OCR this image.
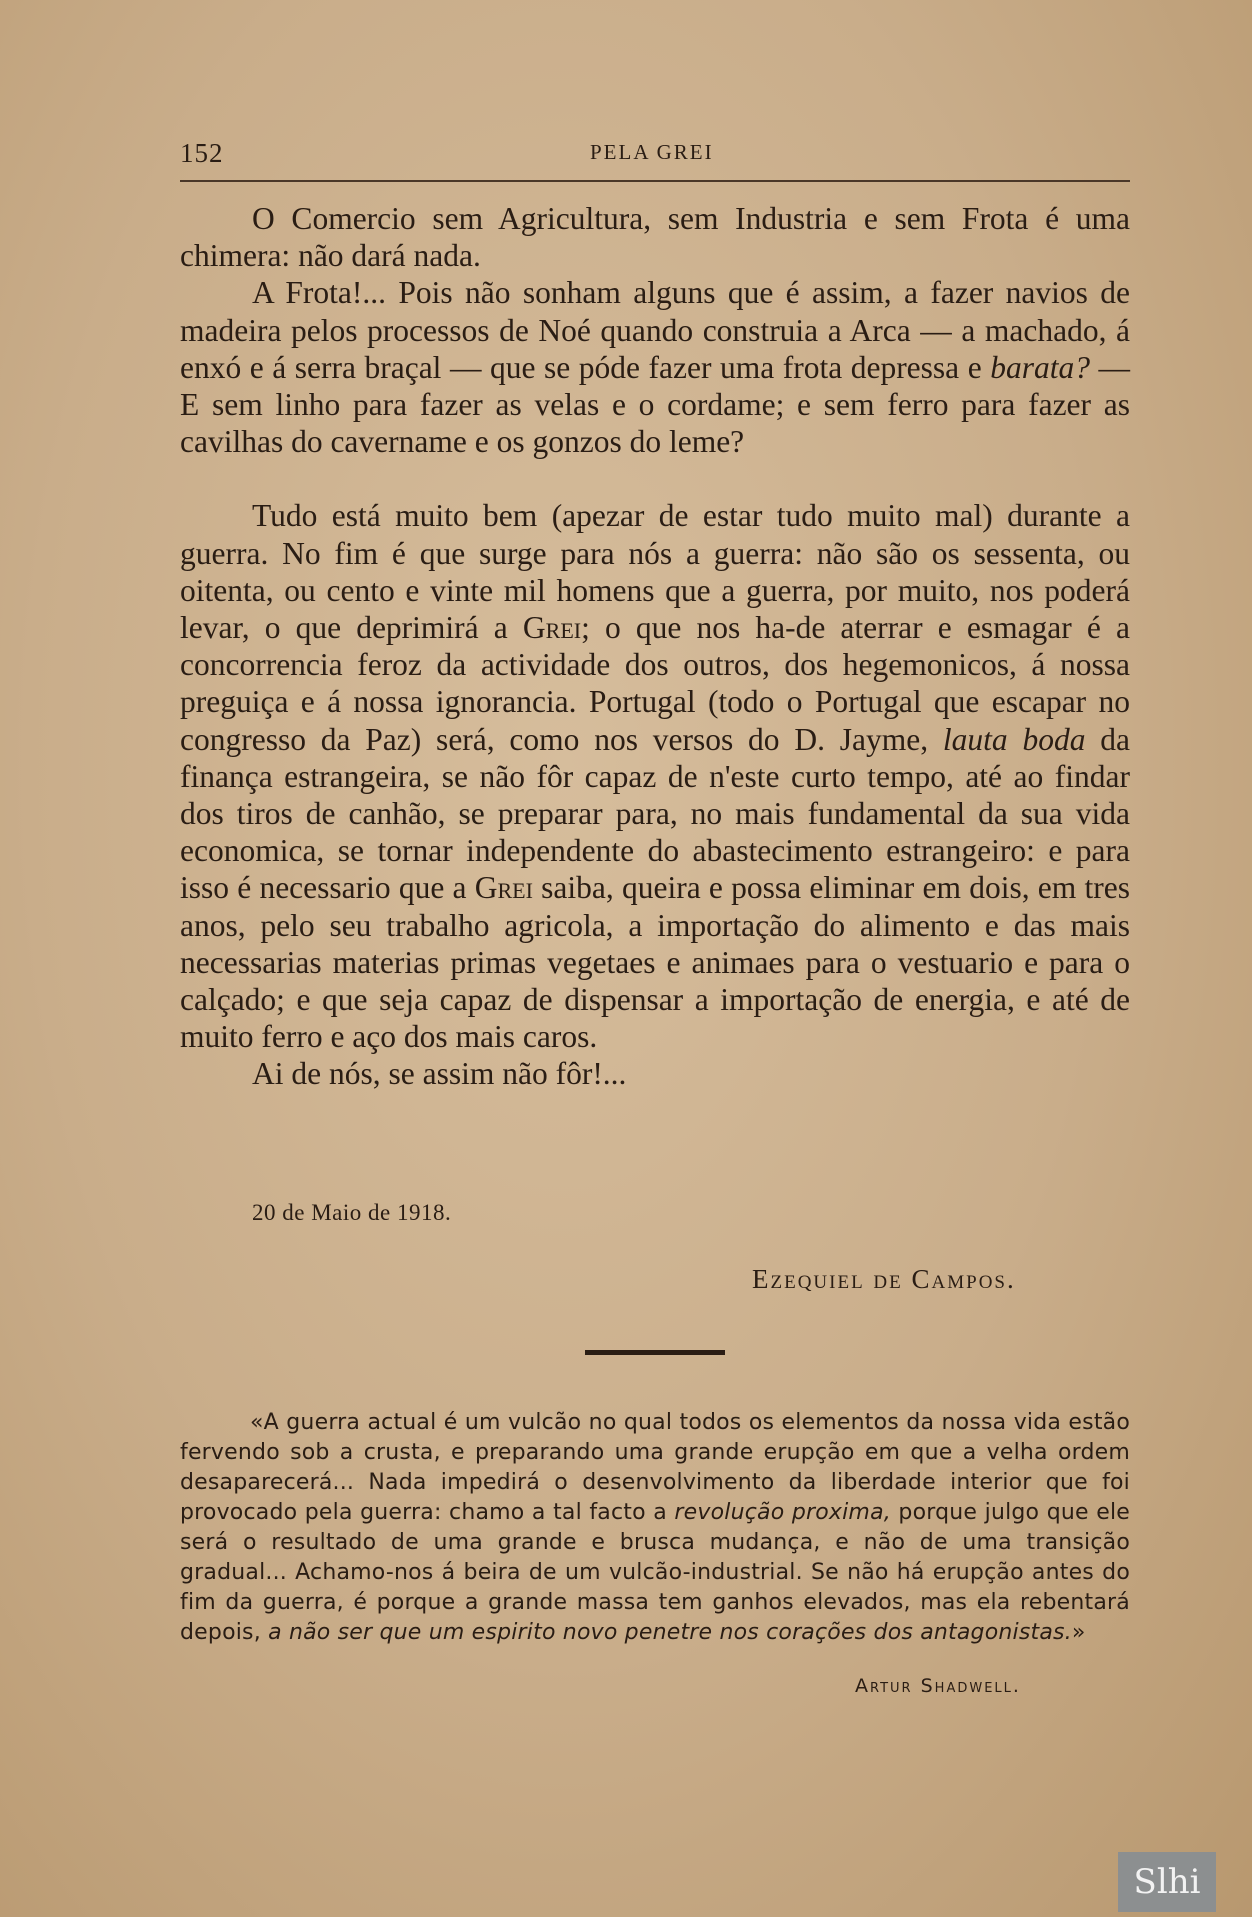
152	PELA GREI

O Comercio sem Agricultura, sem Industria e sem Frota é uma chimera: não dará nada.

A Frota!... Pois não sonham alguns que é assim, a fazer navios de madeira pelos processos de Noé quando construia a Arca — a machado, á enxó e á serra braçal — que se póde fazer uma frota depressa e barata? — E sem linho para fazer as velas e o cordame; e sem ferro para fazer as cavilhas do cavername e os gonzos do leme?

Tudo está muito bem (apezar de estar tudo muito mal) durante a guerra. No fim é que surge para nós a guerra: não são os sessenta, ou oitenta, ou cento e vinte mil homens que a guerra, por muito, nos poderá levar, o que deprimirá a Grei; o que nos ha-de aterrar e esmagar é a concorrencia feroz da actividade dos outros, dos hegemonicos, á nossa preguiça e á nossa ignorancia. Portugal (todo o Portugal que escapar no congresso da Paz) será, como nos versos do D. Jayme, lauta boda da finança estrangeira, se não fôr capaz de n'este curto tempo, até ao findar dos tiros de canhão, se preparar para, no mais fundamental da sua vida economica, se tornar independente do abastecimento estrangeiro: e para isso é necessario que a Grei saiba, queira e possa eliminar em dois, em tres anos, pelo seu trabalho agricola, a importação do alimento e das mais necessarias materias primas vegetaes e animaes para o vestuario e para o calçado; e que seja capaz de dispensar a importação de energia, e até de muito ferro e aço dos mais caros.

Ai de nós, se assim não fôr!...

20 de Maio de 1918.
Ezequiel de Campos.

«A guerra actual é um vulcão no qual todos os elementos da nossa vida estão fervendo sob a crusta, e preparando uma grande erupção em que a velha ordem desaparecerá... Nada impedirá o desenvolvimento da liberdade interior que foi provocado pela guerra: chamo a tal facto a revolução proxima, porque julgo que ele será o resultado de uma grande e brusca mudança, e não de uma transição gradual... Achamo-nos á beira de um vulcão-industrial. Se não há erupção antes do fim da guerra, é porque a grande massa tem ganhos elevados, mas ela rebentará depois, a não ser que um espirito novo penetre nos corações dos antagonistas.»

Artur Shadwell.
Slhi
